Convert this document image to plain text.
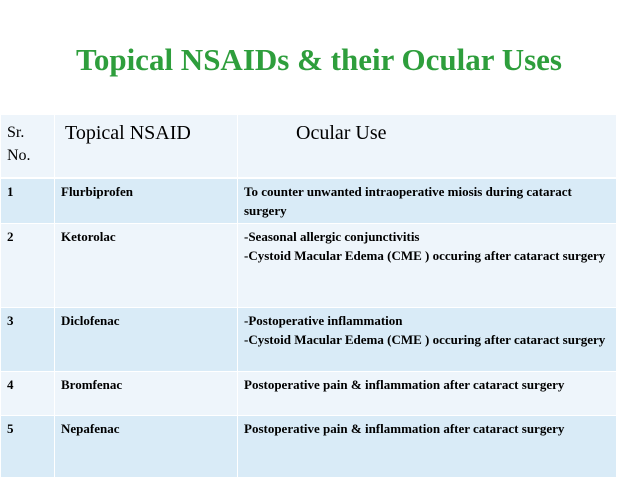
Topical NSAIDs & their Ocular Uses
Sr.
No.	Topical NSAID	Ocular Use
1	Flurbiprofen	To counter unwanted intraoperative miosis during cataract surgery

2	Ketorolac	-Seasonal allergic conjunctivitis
-Cystoid Macular Edema (CME ) occuring after cataract surgery

3	Diclofenac	-Postoperative inflammation
-Cystoid Macular Edema (CME ) occuring after cataract surgery

4	Bromfenac	Postoperative pain & inflammation after cataract surgery

5	Nepafenac	Postoperative pain & inflammation after cataract surgery
